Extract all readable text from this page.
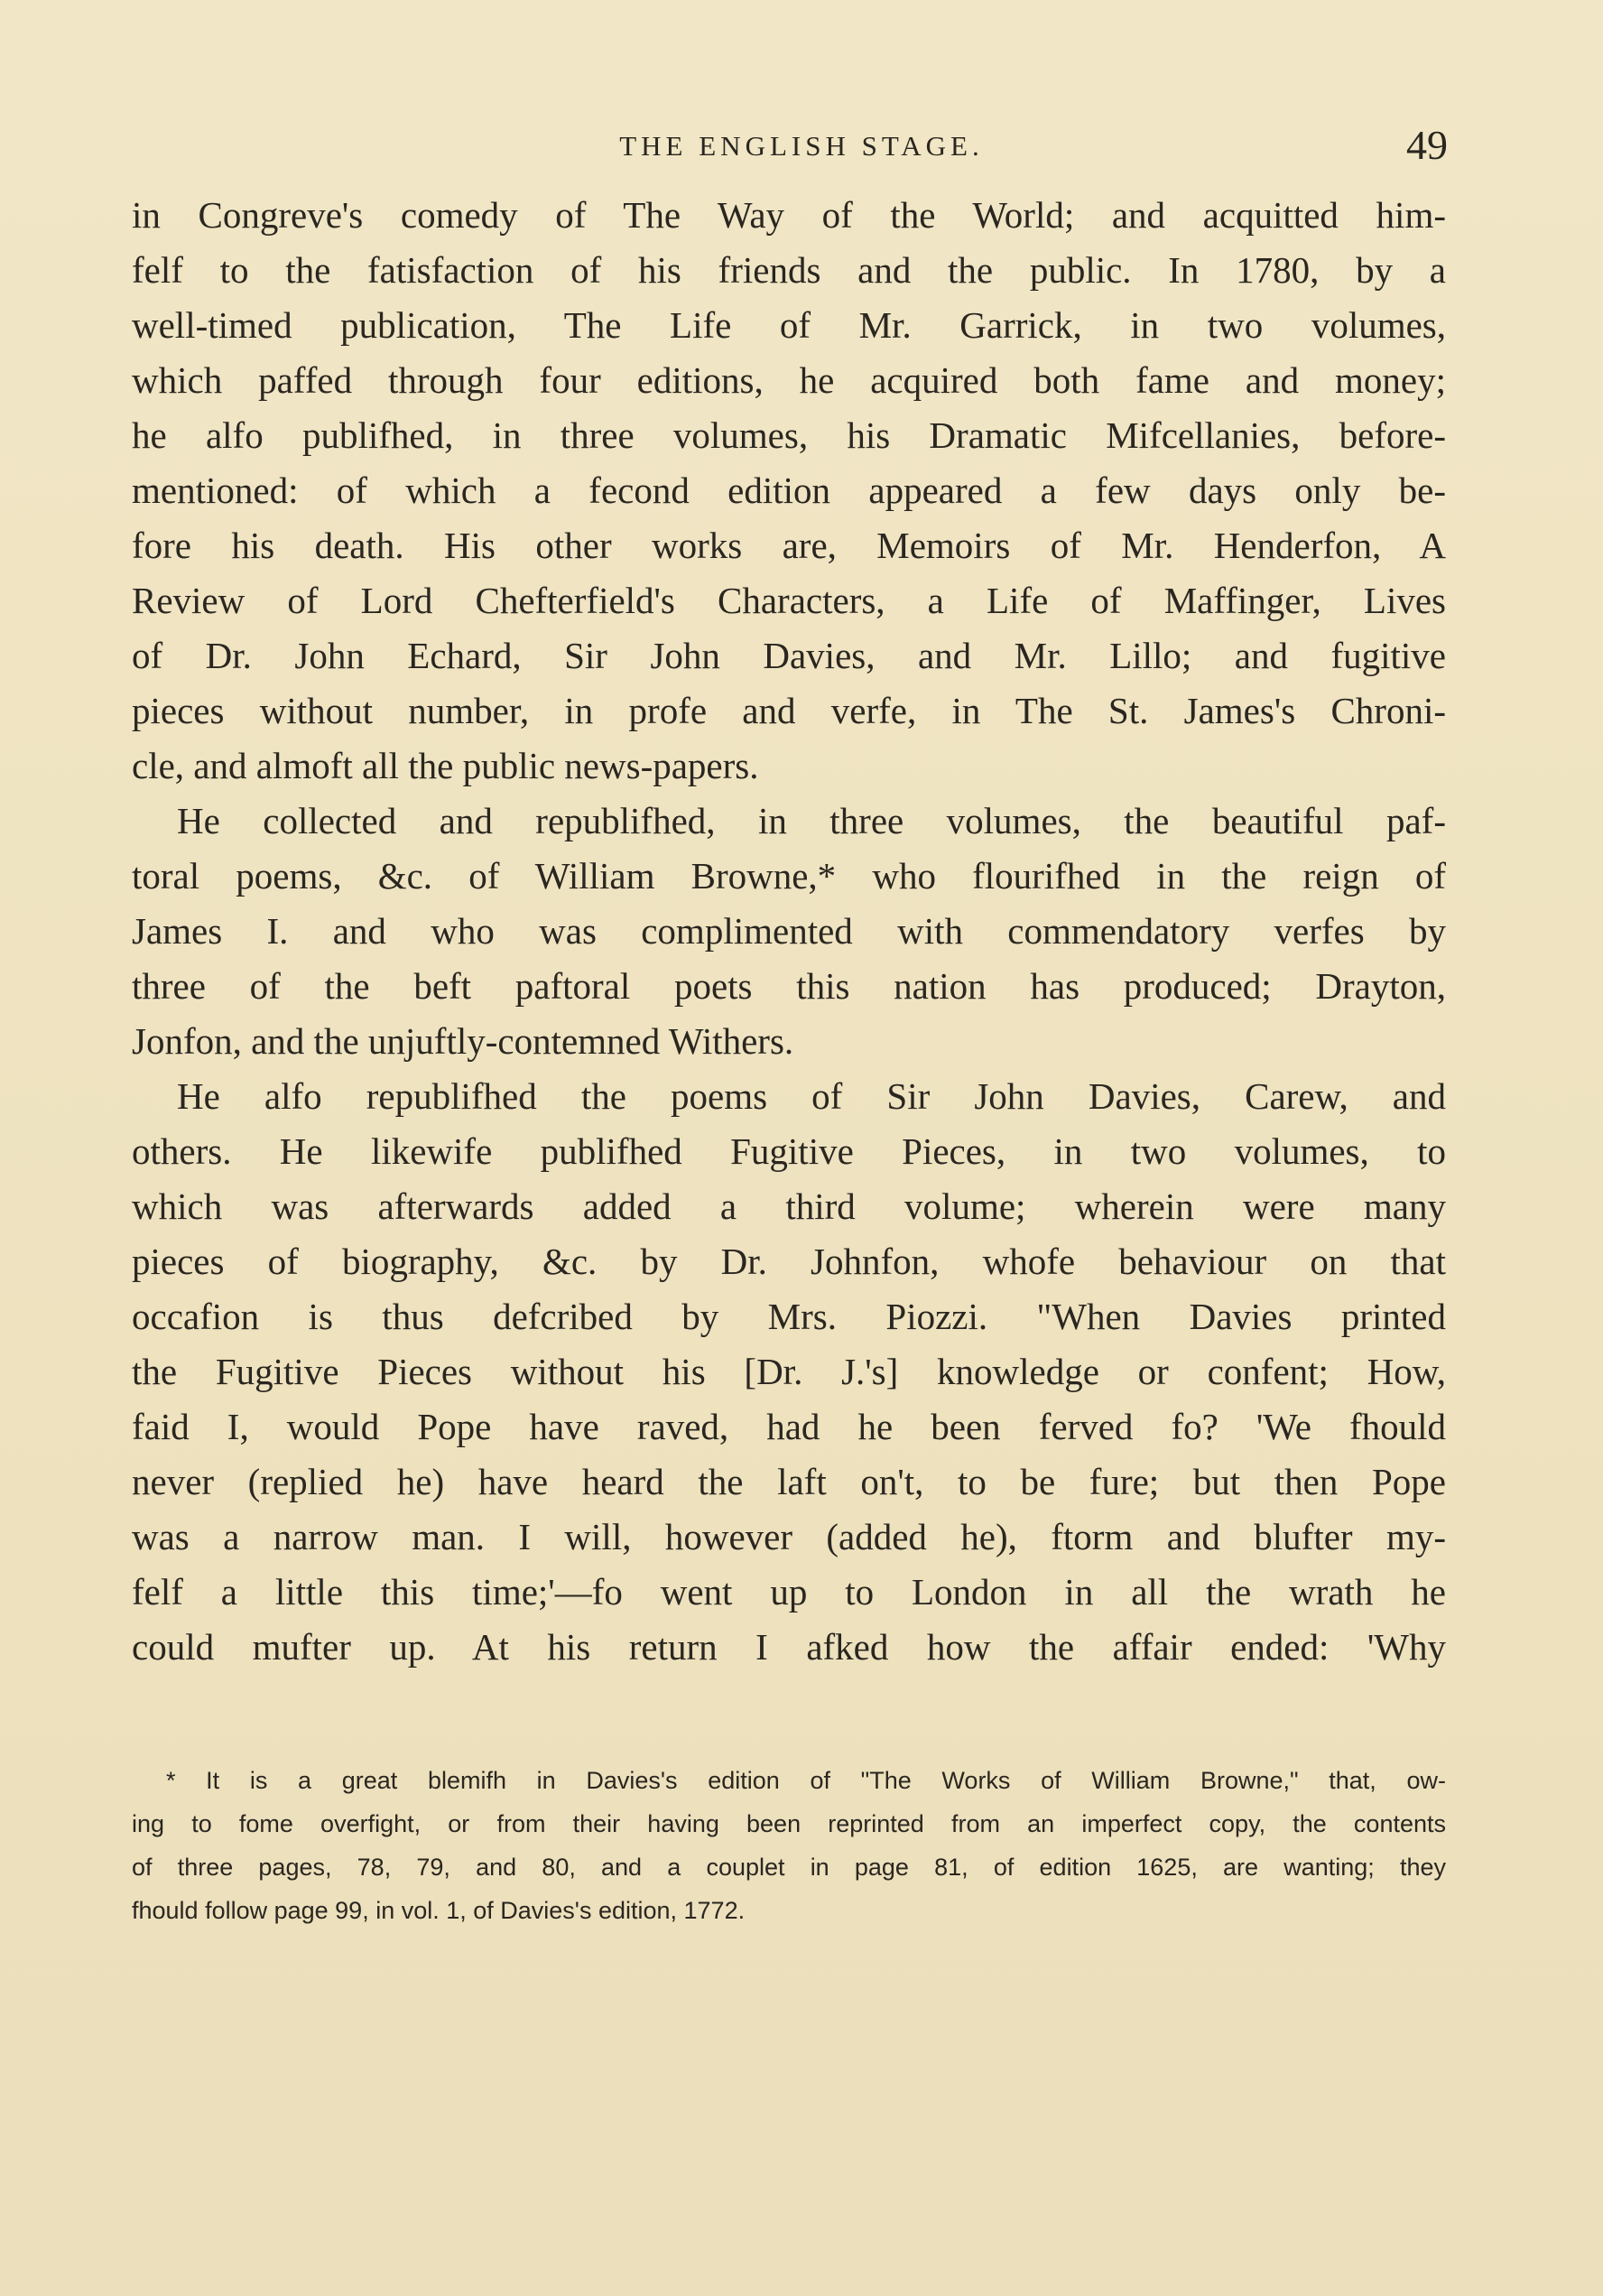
THE ENGLISH STAGE.	49
in Congreve's comedy of The Way of the World; and acquitted him-
felf to the fatisfaction of his friends and the public. In 1780, by a
well-timed publication, The Life of Mr. Garrick, in two volumes,
which paffed through four editions, he acquired both fame and money;
he alfo publifhed, in three volumes, his Dramatic Mifcellanies, before-
mentioned: of which a fecond edition appeared a few days only be-
fore his death. His other works are, Memoirs of Mr. Henderfon, A
Review of Lord Chefterfield's Characters, a Life of Maffinger, Lives
of Dr. John Echard, Sir John Davies, and Mr. Lillo; and fugitive
pieces without number, in profe and verfe, in The St. James's Chroni-
cle, and almoft all the public news-papers.
He collected and republifhed, in three volumes, the beautiful paf-
toral poems, &c. of William Browne,* who flourifhed in the reign of
James I. and who was complimented with commendatory verfes by
three of the beft paftoral poets this nation has produced; Drayton,
Jonfon, and the unjuftly-contemned Withers.
He alfo republifhed the poems of Sir John Davies, Carew, and
others. He likewife publifhed Fugitive Pieces, in two volumes, to
which was afterwards added a third volume; wherein were many
pieces of biography, &c. by Dr. Johnfon, whofe behaviour on that
occafion is thus defcribed by Mrs. Piozzi. "When Davies printed
the Fugitive Pieces without his [Dr. J.'s] knowledge or confent; How,
faid I, would Pope have raved, had he been ferved fo? 'We fhould
never (replied he) have heard the laft on't, to be fure; but then Pope
was a narrow man. I will, however (added he), ftorm and blufter my-
felf a little this time;'—fo went up to London in all the wrath he
could mufter up. At his return I afked how the affair ended: 'Why
* It is a great blemifh in Davies's edition of "The Works of William Browne," that, ow-
ing to fome overfight, or from their having been reprinted from an imperfect copy, the contents
of three pages, 78, 79, and 80, and a couplet in page 81, of edition 1625, are wanting; they
fhould follow page 99, in vol. 1, of Davies's edition, 1772.
